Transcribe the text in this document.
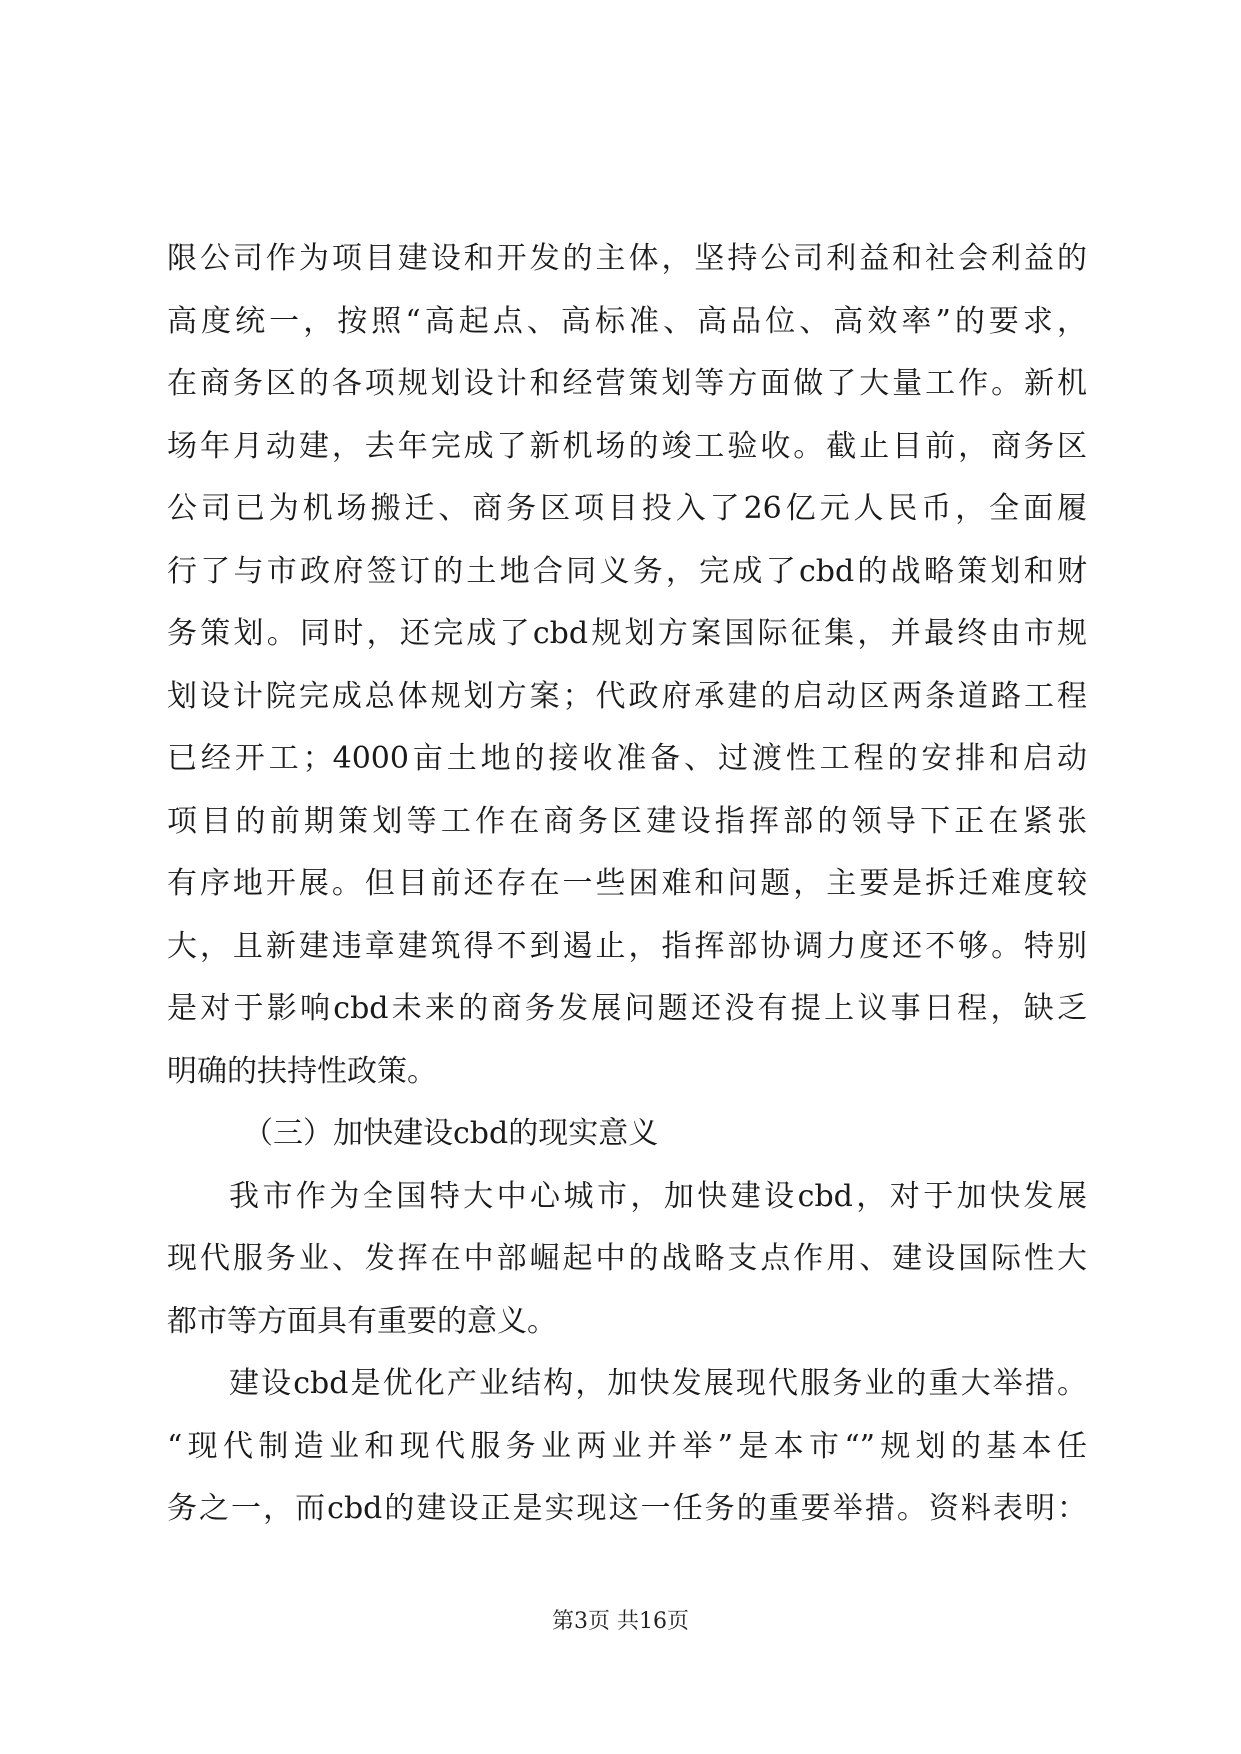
限公司作为项目建设和开发的主体，坚持公司利益和社会利益的
高度统一，按照“高起点、高标准、高品位、高效率”的要求，
在商务区的各项规划设计和经营策划等方面做了大量工作。新机
场年月动建，去年完成了新机场的竣工验收。截止目前，商务区
公司已为机场搬迁、商务区项目投入了26亿元人民币，全面履
行了与市政府签订的土地合同义务，完成了cbd的战略策划和财
务策划。同时，还完成了cbd规划方案国际征集，并最终由市规
划设计院完成总体规划方案；代政府承建的启动区两条道路工程
已经开工；4000亩土地的接收准备、过渡性工程的安排和启动
项目的前期策划等工作在商务区建设指挥部的领导下正在紧张
有序地开展。但目前还存在一些困难和问题，主要是拆迁难度较
大，且新建违章建筑得不到遏止，指挥部协调力度还不够。特别
是对于影响cbd未来的商务发展问题还没有提上议事日程，缺乏
明确的扶持性政策。
（三）加快建设cbd的现实意义
我市作为全国特大中心城市，加快建设cbd，对于加快发展
现代服务业、发挥在中部崛起中的战略支点作用、建设国际性大
都市等方面具有重要的意义。
建设cbd是优化产业结构，加快发展现代服务业的重大举措。
“现代制造业和现代服务业两业并举”是本市“”规划的基本任
务之一，而cbd的建设正是实现这一任务的重要举措。资料表明：
第3页 共16页
